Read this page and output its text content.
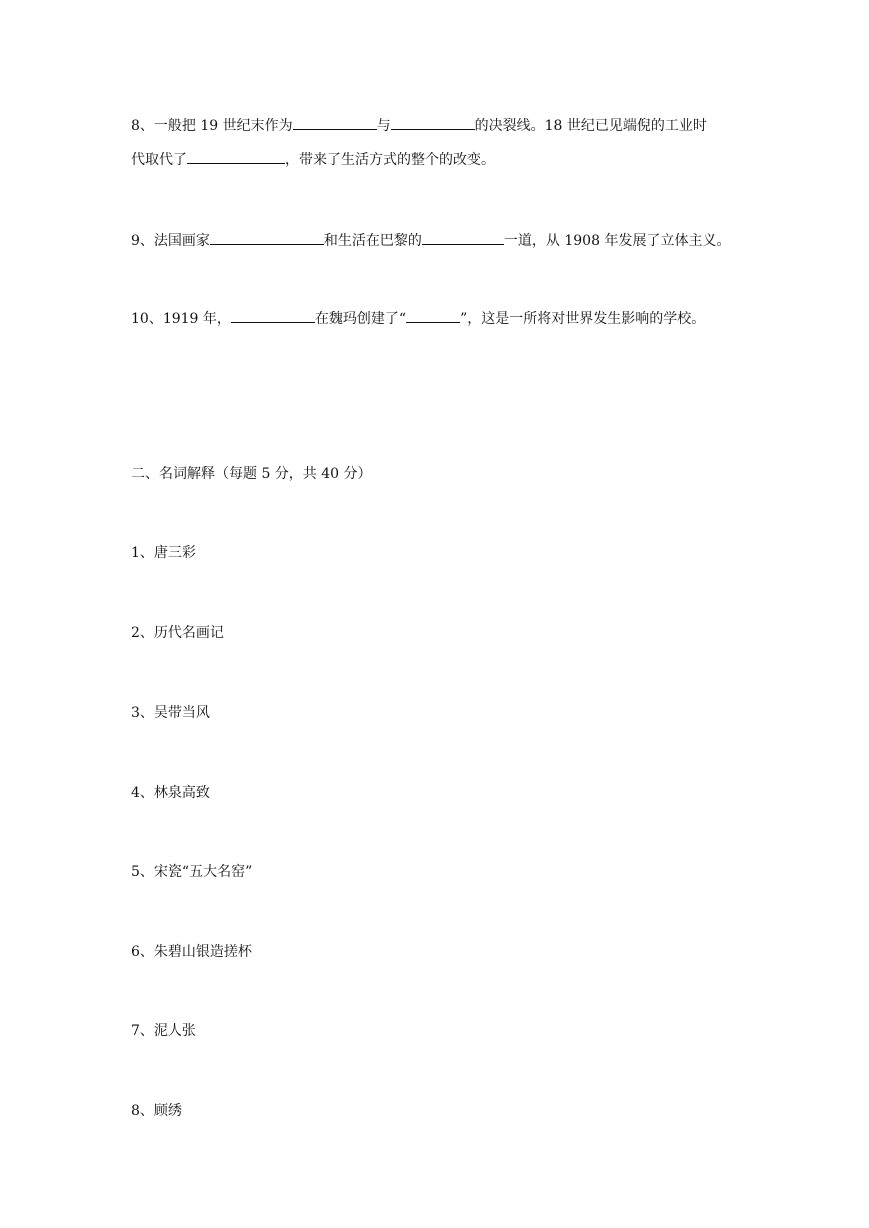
8、一般把 19 世纪末作为	与	的决裂线。18 世纪已见端倪的工业时
代取代了	，带来了生活方式的整个的改变。
9、法国画家	和生活在巴黎的	一道，从 1908 年发展了立体主义。
10、1919 年，	在魏玛创建了“	”，这是一所将对世界发生影响的学校。
二、名词解释（每题 5 分，共 40 分）
1、唐三彩
2、历代名画记
3、吴带当风
4、林泉高致
5、宋瓷“五大名窑”
6、朱碧山银造搓杯
7、泥人张
8、顾绣
